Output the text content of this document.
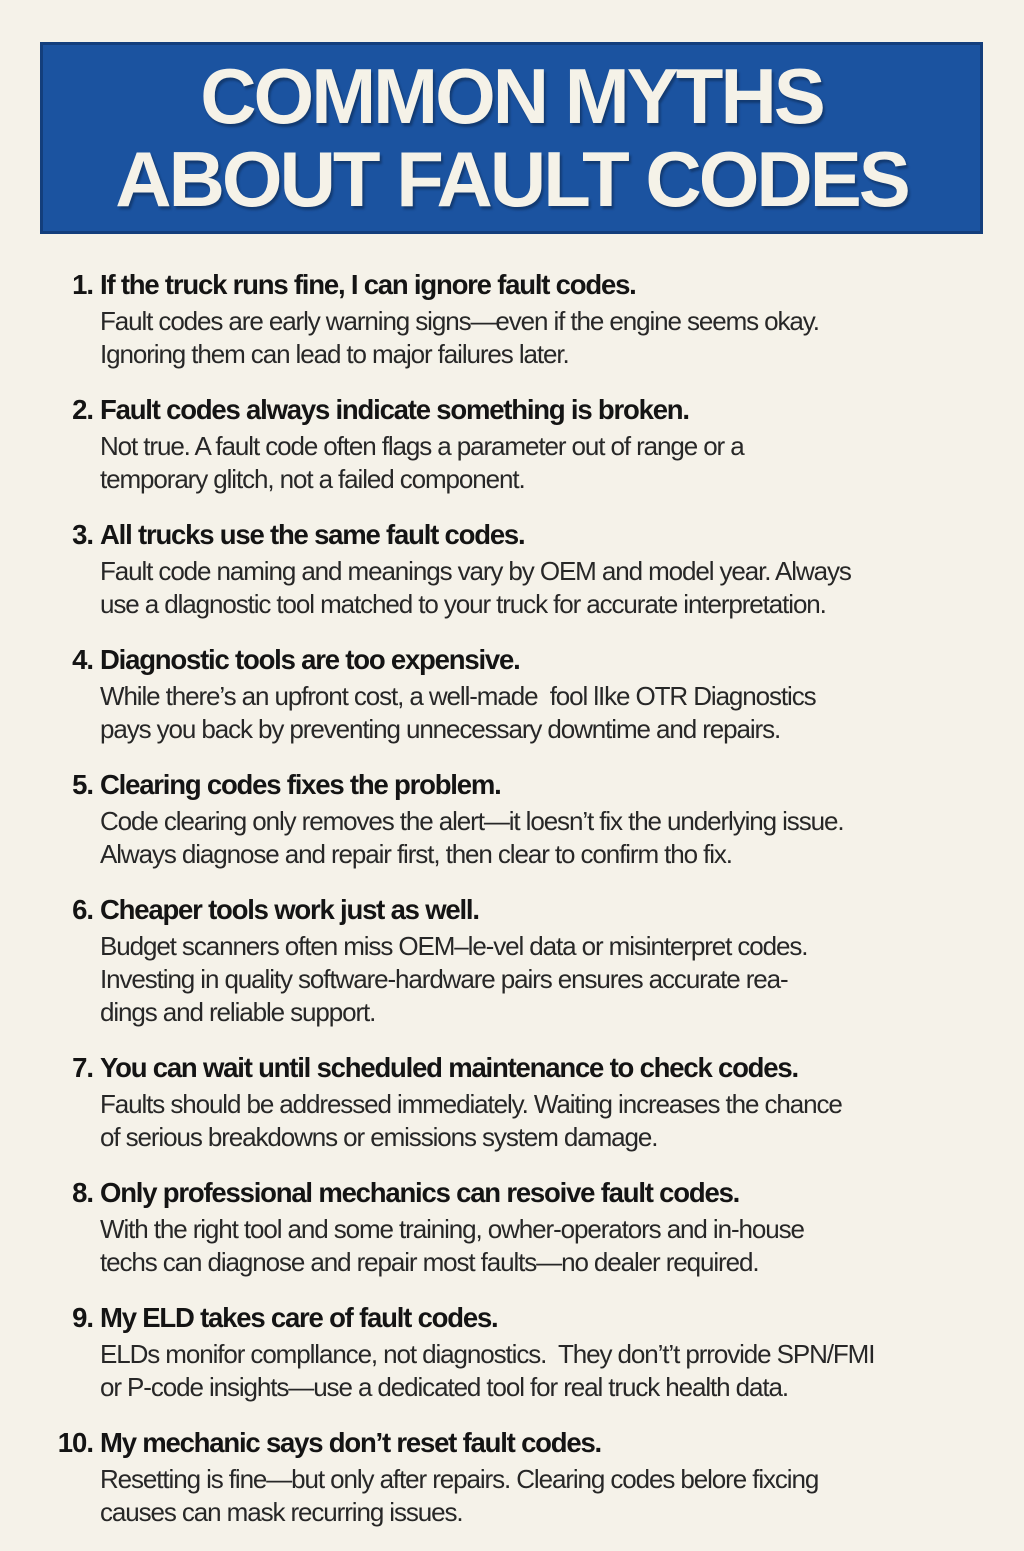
COMMON MYTHS
ABOUT FAULT CODES
1. If the truck runs fine, I can ignore fault codes.
Fault codes are early warning signs—even if the engine seems okay.
Ignoring them can lead to major failures later.
2. Fault codes always indicate something is broken.
Not true. A fault code often flags a parameter out of range or a
temporary glitch, not a failed component.
3. All trucks use the same fault codes.
Fault code naming and meanings vary by OEM and model year. Always
use a dlagnostic tool matched to your truck for accurate interpretation.
4. Diagnostic tools are too expensive.
While there’s an upfront cost, a well-made  fool lIke OTR Diagnostics
pays you back by preventing unnecessary downtime and repairs.
5. Clearing codes fixes the problem.
Code clearing only removes the alert—it loesn’t fix the underlying issue.
Always diagnose and repair first, then clear to confirm tho fix.
6. Cheaper tools work just as well.
Budget scanners often miss OEM–le-vel data or misinterpret codes.
Investing in quality software-hardware pairs ensures accurate rea-
dings and reliable support.
7. You can wait until scheduled maintenance to check codes.
Faults should be addressed immediately. Waiting increases the chance
of serious breakdowns or emissions system damage.
8. Only professional mechanics can resoive fault codes.
With the right tool and some training, owher-operators and in-house
techs can diagnose and repair most faults—no dealer required.
9. My ELD takes care of fault codes.
ELDs monifor compllance, not diagnostics.  They don’t’t prrovide SPN/FMI
or P-code insights—use a dedicated tool for real truck health data.
10. My mechanic says don’t reset fault codes.
Resetting is fine—but only after repairs. Clearing codes belore fixcing
causes can mask recurring issues.
